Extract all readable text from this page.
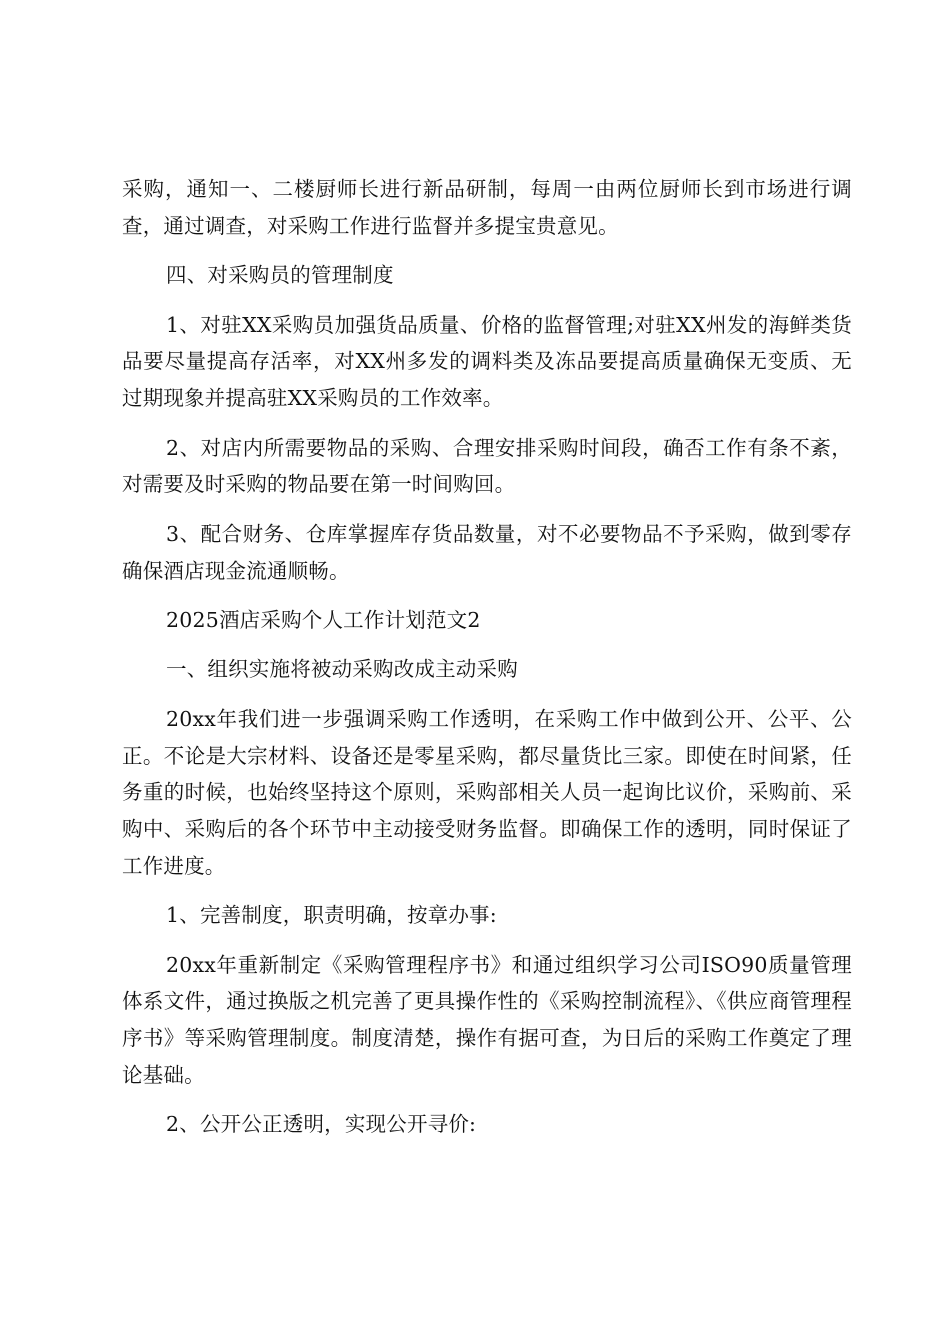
采购，通知一、二楼厨师长进行新品研制，每周一由两位厨师长到市场进行调查，通过调查，对采购工作进行监督并多提宝贵意见。

四、对采购员的管理制度

1、对驻XX采购员加强货品质量、价格的监督管理;对驻XX州发的海鲜类货品要尽量提高存活率，对XX州多发的调料类及冻品要提高质量确保无变质、无过期现象并提高驻XX采购员的工作效率。

2、对店内所需要物品的采购、合理安排采购时间段，确否工作有条不紊，对需要及时采购的物品要在第一时间购回。

3、配合财务、仓库掌握库存货品数量，对不必要物品不予采购，做到零存确保酒店现金流通顺畅。

2025酒店采购个人工作计划范文2

一、组织实施将被动采购改成主动采购

20xx年我们进一步强调采购工作透明，在采购工作中做到公开、公平、公正。不论是大宗材料、设备还是零星采购，都尽量货比三家。即使在时间紧，任务重的时候，也始终坚持这个原则，采购部相关人员一起询比议价，采购前、采购中、采购后的各个环节中主动接受财务监督。即确保工作的透明，同时保证了工作进度。

1、完善制度，职责明确，按章办事:

20xx年重新制定《采购管理程序书》和通过组织学习公司ISO90质量管理体系文件，通过换版之机完善了更具操作性的《采购控制流程》、《供应商管理程序书》等采购管理制度。制度清楚，操作有据可查，为日后的采购工作奠定了理论基础。

2、公开公正透明，实现公开寻价:
